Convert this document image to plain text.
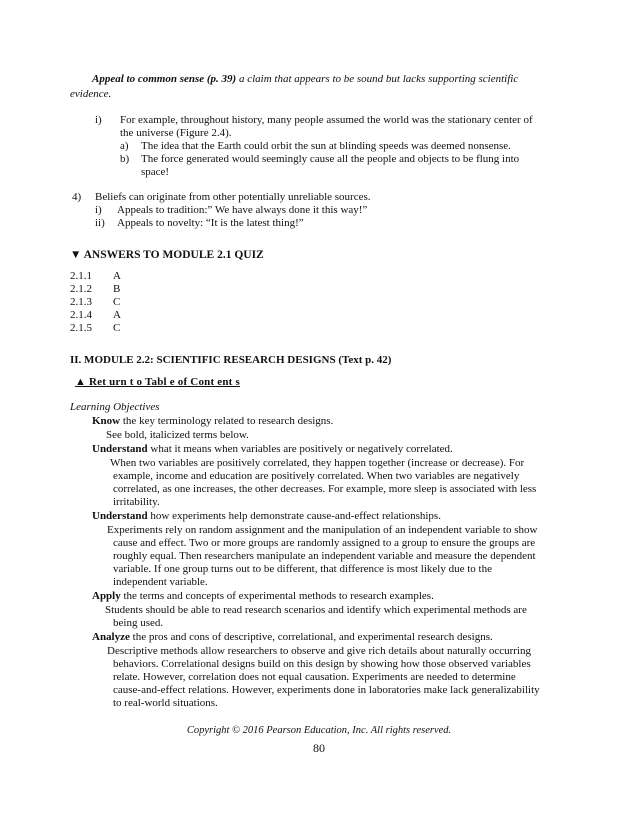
Appeal to common sense (p. 39) a claim that appears to be sound but lacks supporting scientific
evidence.
i) For example, throughout history, many people assumed the world was the stationary center of
the universe (Figure 2.4).
a) The idea that the Earth could orbit the sun at blinding speeds was deemed nonsense.
b) The force generated would seemingly cause all the people and objects to be flung into
space!
4) Beliefs can originate from other potentially unreliable sources.
i) Appeals to tradition:” We have always done it this way!”
ii) Appeals to novelty: “It is the latest thing!”
▼ ANSWERS TO MODULE 2.1 QUIZ
2.1.1 A
2.1.2 B
2.1.3 C
2.1.4 A
2.1.5 C
II. MODULE 2.2: SCIENTIFIC RESEARCH DESIGNS (Text p. 42)
▲ Ret urn t o Tabl e of Cont ent s
Learning Objectives
Know the key terminology related to research designs.
See bold, italicized terms below.
Understand what it means when variables are positively or negatively correlated.
When two variables are positively correlated, they happen together (increase or decrease). For
example, income and education are positively correlated. When two variables are negatively
correlated, as one increases, the other decreases. For example, more sleep is associated with less
irritability.
Understand how experiments help demonstrate cause-and-effect relationships.
Experiments rely on random assignment and the manipulation of an independent variable to show
cause and effect. Two or more groups are randomly assigned to a group to ensure the groups are
roughly equal. Then researchers manipulate an independent variable and measure the dependent
variable. If one group turns out to be different, that difference is most likely due to the
independent variable.
Apply the terms and concepts of experimental methods to research examples.
Students should be able to read research scenarios and identify which experimental methods are
being used.
Analyze the pros and cons of descriptive, correlational, and experimental research designs.
Descriptive methods allow researchers to observe and give rich details about naturally occurring
behaviors. Correlational designs build on this design by showing how those observed variables
relate. However, correlation does not equal causation. Experiments are needed to determine
cause-and-effect relations. However, experiments done in laboratories make lack generalizability
to real-world situations.
Copyright © 2016 Pearson Education, Inc. All rights reserved.
80
